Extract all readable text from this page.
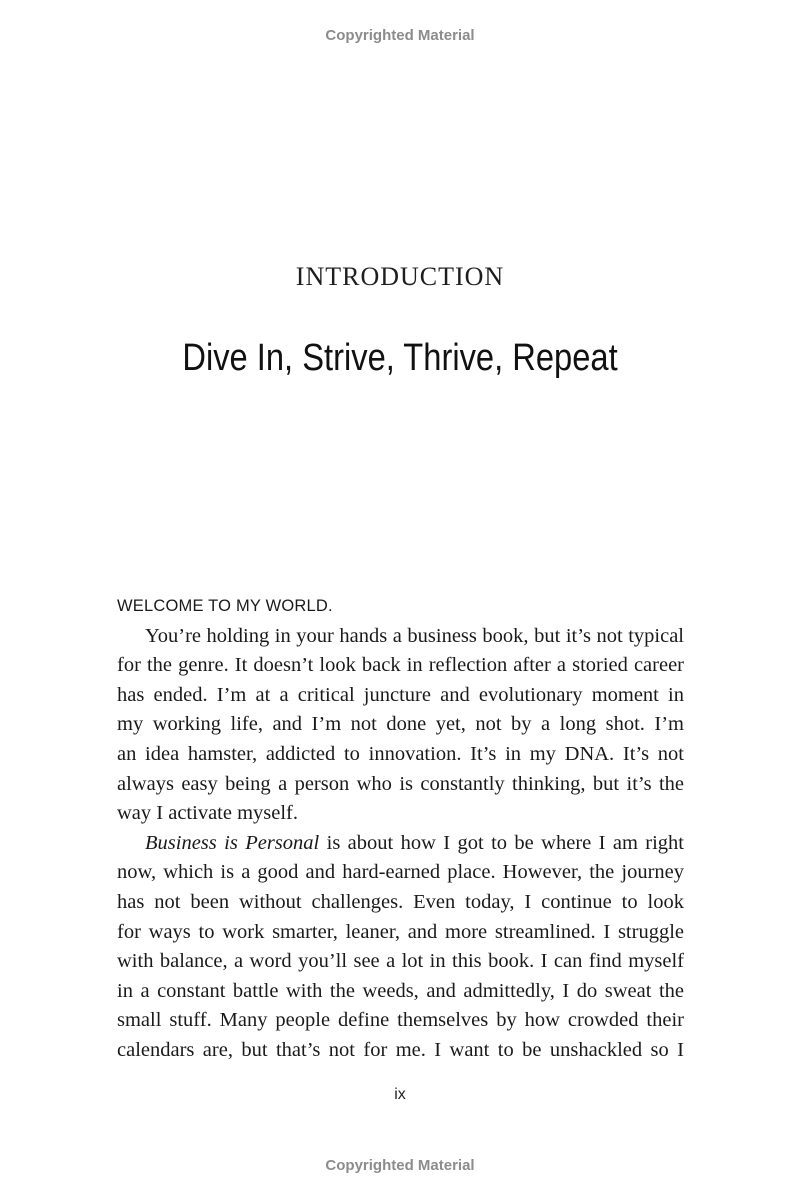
Copyrighted Material
INTRODUCTION
Dive In, Strive, Thrive, Repeat
WELCOME TO MY WORLD.
You’re holding in your hands a business book, but it’s not typical
for the genre. It doesn’t look back in reflection after a storied career
has ended. I’m at a critical juncture and evolutionary moment in
my working life, and I’m not done yet, not by a long shot. I’m
an idea hamster, addicted to innovation. It’s in my DNA. It’s not
always easy being a person who is constantly thinking, but it’s the
way I activate myself.
Business is Personal is about how I got to be where I am right
now, which is a good and hard-earned place. However, the journey
has not been without challenges. Even today, I continue to look
for ways to work smarter, leaner, and more streamlined. I struggle
with balance, a word you’ll see a lot in this book. I can find myself
in a constant battle with the weeds, and admittedly, I do sweat the
small stuff. Many people define themselves by how crowded their
calendars are, but that’s not for me. I want to be unshackled so I
ix
Copyrighted Material
